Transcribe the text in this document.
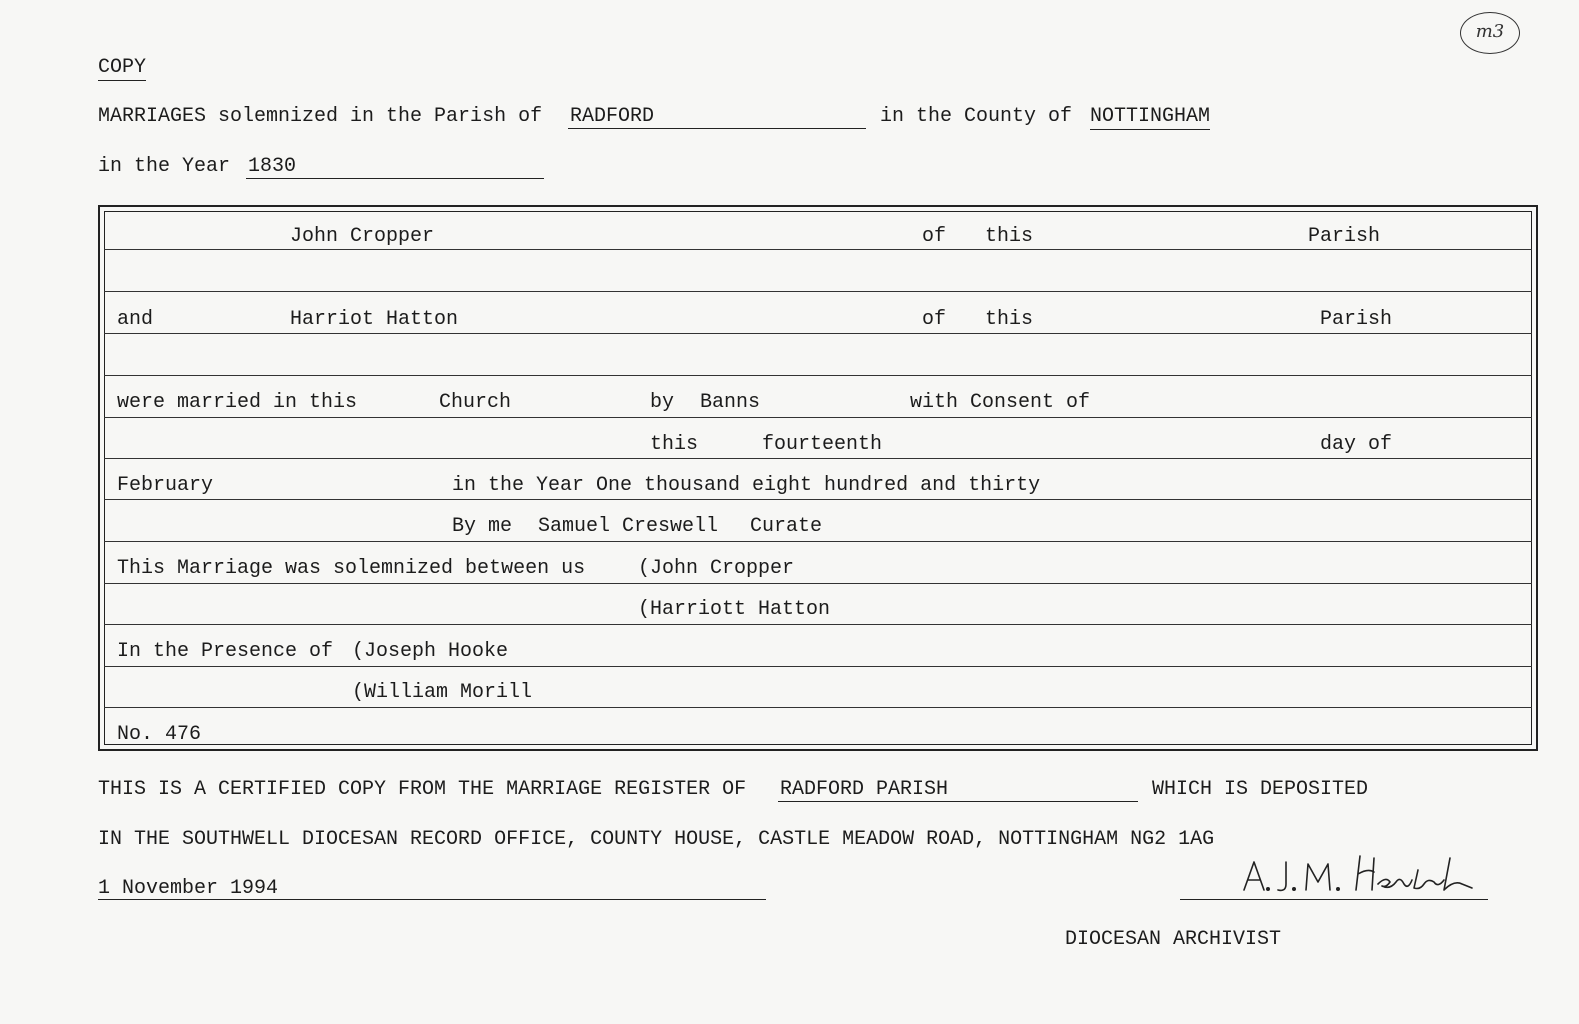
m3
COPY
MARRIAGES solemnized in the Parish of RADFORD	in the County of NOTTINGHAM
in the Year 1830
John Cropper	of this	Parish
and	Harriot Hatton	of this	Parish
were married in this	Church	by Banns	with Consent of
this	fourteenth	day of
February	in the Year One thousand eight hundred and thirty
By me Samuel Creswell Curate
This Marriage was solemnized between us	(John Cropper
(Harriott Hatton
In the Presence of (Joseph Hooke
(William Morill
No. 476
THIS IS A CERTIFIED COPY FROM THE MARRIAGE REGISTER OF RADFORD PARISH	WHICH IS DEPOSITED
IN THE SOUTHWELL DIOCESAN RECORD OFFICE, COUNTY HOUSE, CASTLE MEADOW ROAD, NOTTINGHAM NG2 1AG
1 November 1994
DIOCESAN ARCHIVIST
